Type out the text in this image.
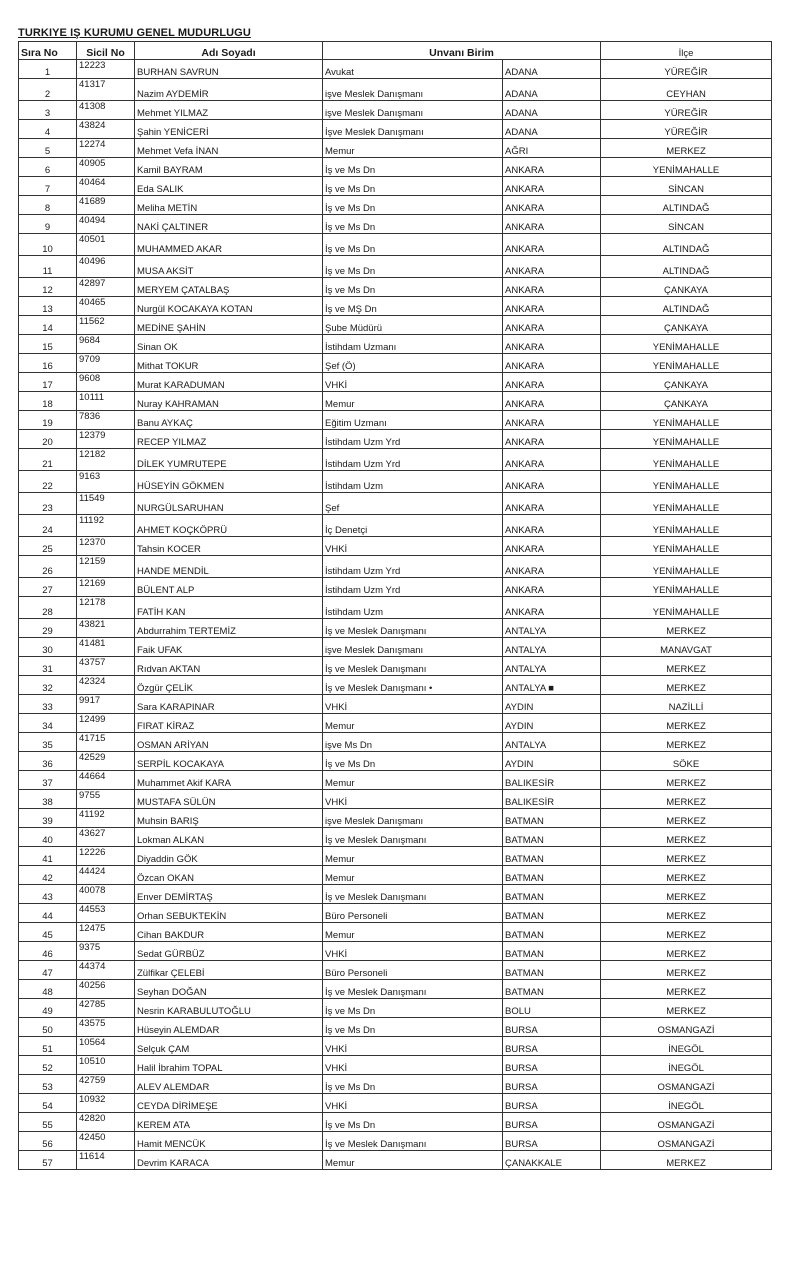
TURKIYE IŞ KURUMU GENEL MUDURLUGU
Sıra No	Sicil No	Adı Soyadı	Unvanı Birim		İlçe
1	12223	BURHAN SAVRUN	Avukat	ADANA	YÜREĞİR
2	41317	Nazim AYDEMİR	işve Meslek Danışmanı	ADANA	CEYHAN
3	41308	Mehmet YILMAZ	işve Meslek Danışmanı	ADANA	YÜREĞİR
4	43824	Şahin YENİCERİ	İşve Meslek Danışmanı	ADANA	YÜREĞİR
5	12274	Mehmet Vefa İNAN	Memur	AĞRI	MERKEZ
6	40905	Kamil BAYRAM	İş ve Ms Dn	ANKARA	YENİMAHALLE
7	40464	Eda SALIK	İş ve Ms Dn	ANKARA	SİNCAN
8	41689	Meliha METİN	İş ve Ms Dn	ANKARA	ALTINDAĞ
9	40494	NAKİ ÇALTINER	İş ve Ms Dn	ANKARA	SİNCAN
10	40501	MUHAMMED AKAR	İş ve Ms Dn	ANKARA	ALTINDAĞ
11	40496	MUSA AKSİT	İş ve Ms Dn	ANKARA	ALTINDAĞ
12	42897	MERYEM ÇATALBAŞ	İş ve Ms Dn	ANKARA	ÇANKAYA
13	40465	Nurgül KOCAKAYA KOTAN	İş ve MŞ Dn	ANKARA	ALTINDAĞ
14	11562	MEDİNE ŞAHİN	Şube Müdürü	ANKARA	ÇANKAYA
15	9684	Sinan OK	İstihdam Uzmanı	ANKARA	YENİMAHALLE
16	9709	Mithat TOKUR	Şef (Ö)	ANKARA	YENİMAHALLE
17	9608	Murat KARADUMAN	VHKİ	ANKARA	ÇANKAYA
18	10111	Nuray KAHRAMAN	Memur	ANKARA	ÇANKAYA
19	7836	Banu AYKAÇ	Eğitim Uzmanı	ANKARA	YENİMAHALLE
20	12379	RECEP YILMAZ	İstihdam Uzm Yrd	ANKARA	YENİMAHALLE
21	12182	DİLEK YUMRUTEPE	İstihdam Uzm Yrd	ANKARA	YENİMAHALLE
22	9163	HÜSEYİN GÖKMEN	İstihdam Uzm	ANKARA	YENİMAHALLE
23	11549	NURGÜLSARUHAN	Şef	ANKARA	YENİMAHALLE
24	11192	AHMET KOÇKÖPRÜ	İç Denetçi	ANKARA	YENİMAHALLE
25	12370	Tahsin KOCER	VHKİ	ANKARA	YENİMAHALLE
26	12159	HANDE MENDİL	İstihdam Uzm Yrd	ANKARA	YENİMAHALLE
27	12169	BÜLENT ALP	İstihdam Uzm Yrd	ANKARA	YENİMAHALLE
28	12178	FATİH KAN	İstihdam Uzm	ANKARA	YENİMAHALLE
29	43821	Abdurrahim TERTEMİZ	İş ve Meslek Danışmanı	ANTALYA	MERKEZ
30	41481	Faik UFAK	işve Meslek Danışmanı	ANTALYA	MANAVGAT
31	43757	Rıdvan AKTAN	İş ve Meslek Danışmanı	ANTALYA	MERKEZ
32	42324	Özgür ÇELİK	İş ve Meslek Danışmanı •	ANTALYA ■	MERKEZ
33	9917	Sara KARAPINAR	VHKİ	AYDIN	NAZİLLİ
34	12499	FIRAT KİRAZ	Memur	AYDIN	MERKEZ
35	41715	OSMAN ARİYAN	işve Ms Dn	ANTALYA	MERKEZ
36	42529	SERPİL KOCAKAYA	İş ve Ms Dn	AYDIN	SÖKE
37	44664	Muhammet Akif KARA	Memur	BALIKESİR	MERKEZ
38	9755	MUSTAFA SÜLÜN	VHKİ	BALIKESİR	MERKEZ
39	41192	Muhsin BARIŞ	işve Meslek Danışmanı	BATMAN	MERKEZ
40	43627	Lokman ALKAN	İş ve Meslek Danışmanı	BATMAN	MERKEZ
41	12226	Diyaddin GÖK	Memur	BATMAN	MERKEZ
42	44424	Özcan OKAN	Memur	BATMAN	MERKEZ
43	40078	Enver DEMİRTAŞ	İş ve Meslek Danışmanı	BATMAN	MERKEZ
44	44553	Orhan SEBUKTEKİN	Büro Personeli	BATMAN	MERKEZ
45	12475	Cihan BAKDUR	Memur	BATMAN	MERKEZ
46	9375	Sedat GÜRBÜZ	VHKİ	BATMAN	MERKEZ
47	44374	Zülfikar ÇELEBİ	Büro Personeli	BATMAN	MERKEZ
48	40256	Seyhan DOĞAN	İş ve Meslek Danışmanı	BATMAN	MERKEZ
49	42785	Nesrin KARABULUTOĞLU	İş ve Ms Dn	BOLU	MERKEZ
50	43575	Hüseyin ALEMDAR	İş ve Ms Dn	BURSA	OSMANGAZİ
51	10564	Selçuk ÇAM	VHKİ	BURSA	İNEGÖL
52	10510	Halil İbrahim TOPAL	VHKİ	BURSA	İNEGÖL
53	42759	ALEV ALEMDAR	İş ve Ms Dn	BURSA	OSMANGAZİ
54	10932	CEYDA DİRİMEŞE	VHKİ	BURSA	İNEGÖL
55	42820	KEREM ATA	İş ve Ms Dn	BURSA	OSMANGAZİ
56	42450	Hamit MENCÜK	İş ve Meslek Danışmanı	BURSA	OSMANGAZİ
57	11614	Devrim KARACA	Memur	ÇANAKKALE	MERKEZ
